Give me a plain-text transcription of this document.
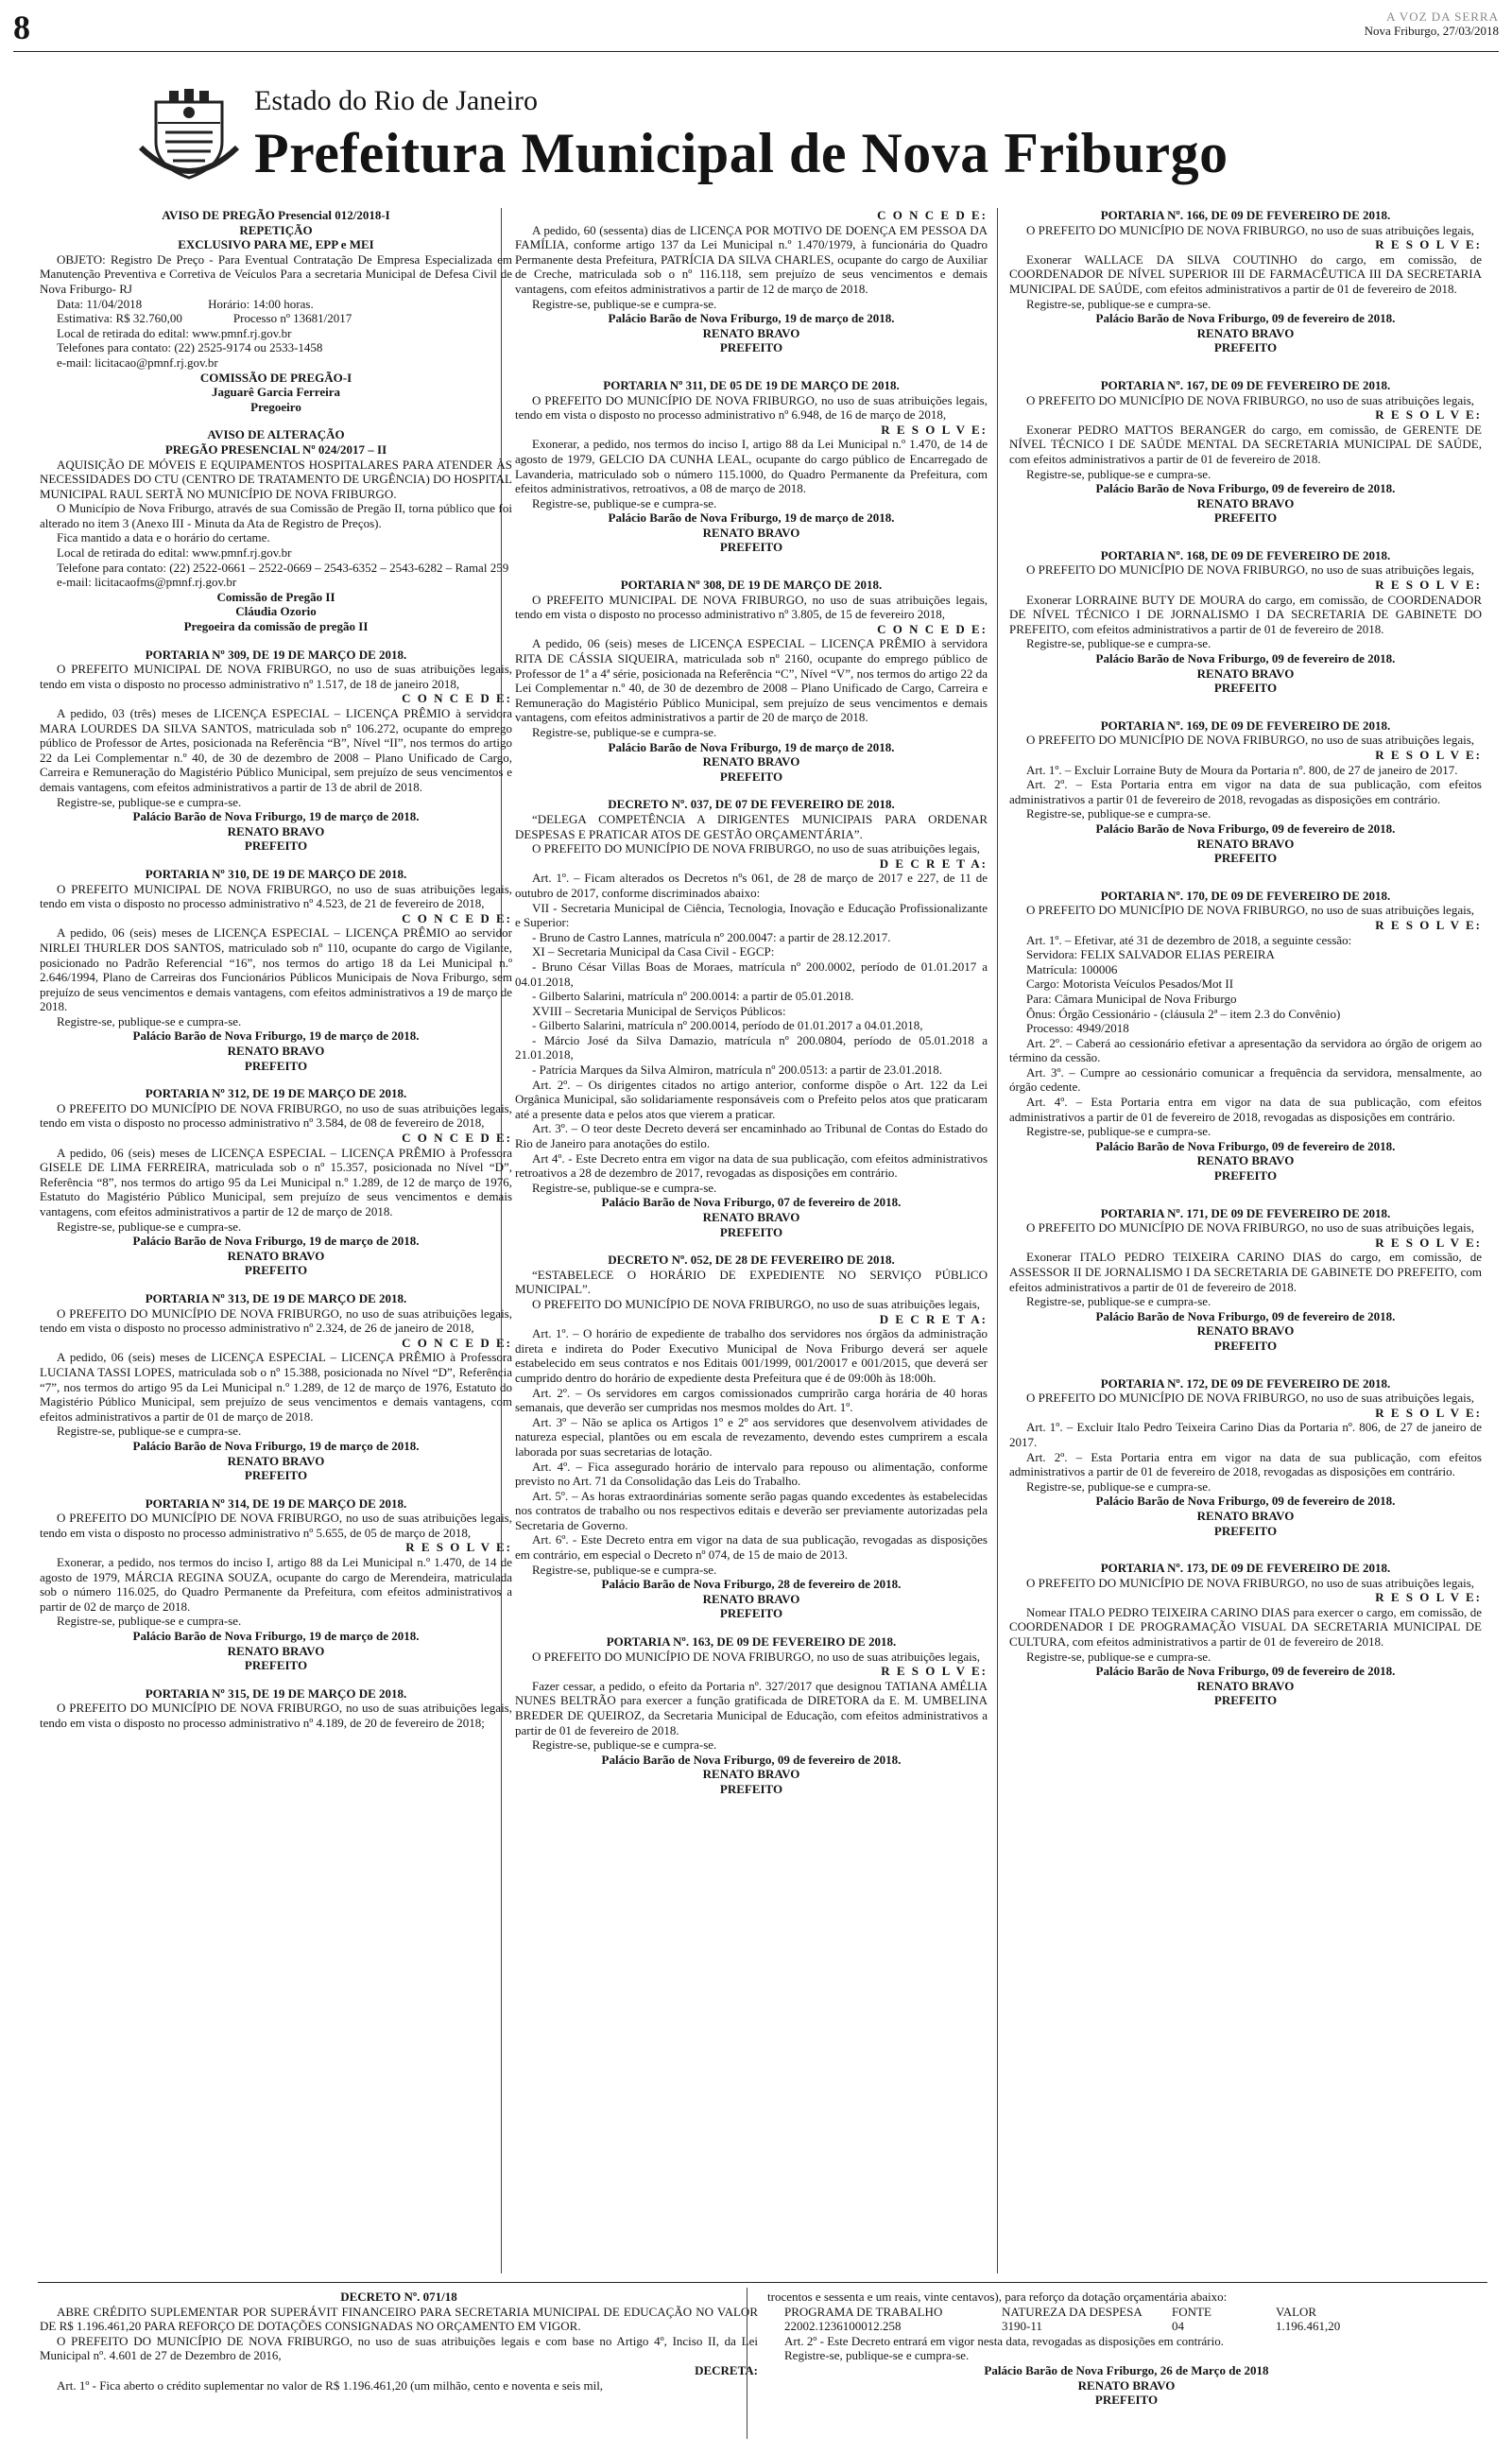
8	A VOZ DA SERRA
Nova Friburgo, 27/03/2018
Estado do Rio de Janeiro
Prefeitura Municipal de Nova Friburgo

AVISO DE PREGÃO Presencial 012/2018-I

REPETIÇÃO

EXCLUSIVO PARA ME, EPP e MEI

OBJETO: Registro De Preço - Para Eventual Contratação De Empresa Especializada em Manutenção Preventiva e Corretiva de Veículos Para a secretaria Municipal de Defesa Civil de Nova Friburgo- RJ

Data: 11/04/2018	Horário: 14:00 horas.

Estimativa: R$ 32.760,00	Processo nº 13681/2017

Local de retirada do edital: www.pmnf.rj.gov.br

Telefones para contato: (22) 2525-9174 ou 2533-1458

e-mail: licitacao@pmnf.rj.gov.br

COMISSÃO DE PREGÃO-I

Jaguarê Garcia Ferreira

Pregoeiro

AVISO DE ALTERAÇÃO

PREGÃO PRESENCIAL Nº 024/2017 – II

AQUISIÇÃO DE MÓVEIS E EQUIPAMENTOS HOSPITALARES PARA ATENDER ÀS NECESSIDADES DO CTU (CENTRO DE TRATAMENTO DE URGÊNCIA) DO HOSPITAL MUNICIPAL RAUL SERTÃ NO MUNICÍPIO DE NOVA FRIBURGO.

O Município de Nova Friburgo, através de sua Comissão de Pregão II, torna público que foi alterado no item 3 (Anexo III - Minuta da Ata de Registro de Preços).

Fica mantido a data e o horário do certame.

Local de retirada do edital: www.pmnf.rj.gov.br

Telefone para contato: (22) 2522-0661 – 2522-0669 – 2543-6352 – 2543-6282 – Ramal 259

e-mail: licitacaofms@pmnf.rj.gov.br

Comissão de Pregão II

Cláudia Ozorio

Pregoeira da comissão de pregão II

PORTARIA Nº 309, DE 19 DE MARÇO DE 2018.

O PREFEITO MUNICIPAL DE NOVA FRIBURGO, no uso de suas atribuições legais, tendo em vista o disposto no processo administrativo nº 1.517, de 18 de janeiro 2018,

C O N C E D E:

A pedido, 03 (três) meses de LICENÇA ESPECIAL – LICENÇA PRÊMIO à servidora MARA LOURDES DA SILVA SANTOS, matriculada sob nº 106.272, ocupante do emprego público de Professor de Artes, posicionada na Referência “B”, Nível “II”, nos termos do artigo 22 da Lei Complementar n.º 40, de 30 de dezembro de 2008 – Plano Unificado de Cargo, Carreira e Remuneração do Magistério Público Municipal, sem prejuízo de seus vencimentos e demais vantagens, com efeitos administrativos a partir de 13 de abril de 2018.

Registre-se, publique-se e cumpra-se.

Palácio Barão de Nova Friburgo, 19 de março de 2018.

RENATO BRAVO

PREFEITO

PORTARIA Nº 310, DE 19 DE MARÇO DE 2018.

O PREFEITO MUNICIPAL DE NOVA FRIBURGO, no uso de suas atribuições legais, tendo em vista o disposto no processo administrativo nº 4.523, de 21 de fevereiro de 2018,

C O N C E D E:

A pedido, 06 (seis) meses de LICENÇA ESPECIAL – LICENÇA PRÊMIO ao servidor NIRLEI THURLER DOS SANTOS, matriculado sob nº 110, ocupante do cargo de Vigilante, posicionado no Padrão Referencial “16”, nos termos do artigo 18 da Lei Municipal n.º 2.646/1994, Plano de Carreiras dos Funcionários Públicos Municipais de Nova Friburgo, sem prejuízo de seus vencimentos e demais vantagens, com efeitos administrativos a 19 de março de 2018.

Registre-se, publique-se e cumpra-se.

Palácio Barão de Nova Friburgo, 19 de março de 2018.

RENATO BRAVO

PREFEITO

PORTARIA Nº 312, DE 19 DE MARÇO DE 2018.

O PREFEITO DO MUNICÍPIO DE NOVA FRIBURGO, no uso de suas atribuições legais, tendo em vista o disposto no processo administrativo nº 3.584, de 08 de fevereiro de 2018,

C O N C E D E:

A pedido, 06 (seis) meses de LICENÇA ESPECIAL – LICENÇA PRÊMIO à Professora GISELE DE LIMA FERREIRA, matriculada sob o nº 15.357, posicionada no Nível “D”, Referência “8”, nos termos do artigo 95 da Lei Municipal n.º 1.289, de 12 de março de 1976, Estatuto do Magistério Público Municipal, sem prejuízo de seus vencimentos e demais vantagens, com efeitos administrativos a partir de 12 de março de 2018.

Registre-se, publique-se e cumpra-se.

Palácio Barão de Nova Friburgo, 19 de março de 2018.

RENATO BRAVO

PREFEITO

PORTARIA Nº 313, DE 19 DE MARÇO DE 2018.

O PREFEITO DO MUNICÍPIO DE NOVA FRIBURGO, no uso de suas atribuições legais, tendo em vista o disposto no processo administrativo nº 2.324, de 26 de janeiro de 2018,

C O N C E D E:

A pedido, 06 (seis) meses de LICENÇA ESPECIAL – LICENÇA PRÊMIO à Professora LUCIANA TASSI LOPES, matriculada sob o nº 15.388, posicionada no Nível “D”, Referência “7”, nos termos do artigo 95 da Lei Municipal n.º 1.289, de 12 de março de 1976, Estatuto do Magistério Público Municipal, sem prejuízo de seus vencimentos e demais vantagens, com efeitos administrativos a partir de 01 de março de 2018.

Registre-se, publique-se e cumpra-se.

Palácio Barão de Nova Friburgo, 19 de março de 2018.

RENATO BRAVO

PREFEITO

PORTARIA Nº 314, DE 19 DE MARÇO DE 2018.

O PREFEITO DO MUNICÍPIO DE NOVA FRIBURGO, no uso de suas atribuições legais, tendo em vista o disposto no processo administrativo nº 5.655, de 05 de março de 2018,

R E S O L V E:

Exonerar, a pedido, nos termos do inciso I, artigo 88 da Lei Municipal n.º 1.470, de 14 de agosto de 1979, MÁRCIA REGINA SOUZA, ocupante do cargo de Merendeira, matriculada sob o número 116.025, do Quadro Permanente da Prefeitura, com efeitos administrativos a partir de 02 de março de 2018.

Registre-se, publique-se e cumpra-se.

Palácio Barão de Nova Friburgo, 19 de março de 2018.

RENATO BRAVO

PREFEITO

PORTARIA Nº 315, DE 19 DE MARÇO DE 2018.

O PREFEITO DO MUNICÍPIO DE NOVA FRIBURGO, no uso de suas atribuições legais, tendo em vista o disposto no processo administrativo nº 4.189, de 20 de fevereiro de 2018;

C O N C E D E:

A pedido, 60 (sessenta) dias de LICENÇA POR MOTIVO DE DOENÇA EM PESSOA DA FAMÍLIA, conforme artigo 137 da Lei Municipal n.º 1.470/1979, à funcionária do Quadro Permanente desta Prefeitura, PATRÍCIA DA SILVA CHARLES, ocupante do cargo de Auxiliar de Creche, matriculada sob o nº 116.118, sem prejuízo de seus vencimentos e demais vantagens, com efeitos administrativos a partir de 12 de março de 2018.

Registre-se, publique-se e cumpra-se.

Palácio Barão de Nova Friburgo, 19 de março de 2018.

RENATO BRAVO

PREFEITO

PORTARIA Nº 311, DE 05 DE 19 DE MARÇO DE 2018.

O PREFEITO DO MUNICÍPIO DE NOVA FRIBURGO, no uso de suas atribuições legais, tendo em vista o disposto no processo administrativo nº 6.948, de 16 de março de 2018,

R E S O L V E:

Exonerar, a pedido, nos termos do inciso I, artigo 88 da Lei Municipal n.º 1.470, de 14 de agosto de 1979, GELCIO DA CUNHA LEAL, ocupante do cargo público de Encarregado de Lavanderia, matriculado sob o número 115.1000, do Quadro Permanente da Prefeitura, com efeitos administrativos, retroativos, a 08 de março de 2018.

Registre-se, publique-se e cumpra-se.

Palácio Barão de Nova Friburgo, 19 de março de 2018.

RENATO BRAVO

PREFEITO

PORTARIA Nº 308, DE 19 DE MARÇO DE 2018.

O PREFEITO MUNICIPAL DE NOVA FRIBURGO, no uso de suas atribuições legais, tendo em vista o disposto no processo administrativo nº 3.805, de 15 de fevereiro 2018,

C O N C E D E:

A pedido, 06 (seis) meses de LICENÇA ESPECIAL – LICENÇA PRÊMIO à servidora RITA DE CÁSSIA SIQUEIRA, matriculada sob nº 2160, ocupante do emprego público de Professor de 1ª a 4ª série, posicionada na Referência “C”, Nível “V”, nos termos do artigo 22 da Lei Complementar n.º 40, de 30 de dezembro de 2008 – Plano Unificado de Cargo, Carreira e Remuneração do Magistério Público Municipal, sem prejuízo de seus vencimentos e demais vantagens, com efeitos administrativos a partir de 20 de março de 2018.

Registre-se, publique-se e cumpra-se.

Palácio Barão de Nova Friburgo, 19 de março de 2018.

RENATO BRAVO

PREFEITO

DECRETO Nº. 037, DE 07 DE FEVEREIRO DE 2018.

“DELEGA COMPETÊNCIA A DIRIGENTES MUNICIPAIS PARA ORDENAR DESPESAS E PRATICAR ATOS DE GESTÃO ORÇAMENTÁRIA”.

O PREFEITO DO MUNICÍPIO DE NOVA FRIBURGO, no uso de suas atribuições legais,

D E C R E T A:

Art. 1º. – Ficam alterados os Decretos nºs 061, de 28 de março de 2017 e 227, de 11 de outubro de 2017, conforme discriminados abaixo:

VII - Secretaria Municipal de Ciência, Tecnologia, Inovação e Educação Profissionalizante e Superior:

- Bruno de Castro Lannes, matrícula nº 200.0047: a partir de 28.12.2017.

XI – Secretaria Municipal da Casa Civil - EGCP:

- Bruno César Villas Boas de Moraes, matrícula nº 200.0002, período de 01.01.2017 a 04.01.2018,

- Gilberto Salarini, matrícula nº 200.0014: a partir de 05.01.2018.

XVIII – Secretaria Municipal de Serviços Públicos:

- Gilberto Salarini, matrícula nº 200.0014, período de 01.01.2017 a 04.01.2018,

- Márcio José da Silva Damazio, matrícula nº 200.0804, período de 05.01.2018 a 21.01.2018,

- Patrícia Marques da Silva Almiron, matrícula nº 200.0513: a partir de 23.01.2018.

Art. 2º. – Os dirigentes citados no artigo anterior, conforme dispõe o Art. 122 da Lei Orgânica Municipal, são solidariamente responsáveis com o Prefeito pelos atos que praticaram até a presente data e pelos atos que vierem a praticar.

Art. 3º. – O teor deste Decreto deverá ser encaminhado ao Tribunal de Contas do Estado do Rio de Janeiro para anotações do estilo.

Art 4º. - Este Decreto entra em vigor na data de sua publicação, com efeitos administrativos retroativos a 28 de dezembro de 2017, revogadas as disposições em contrário.

Registre-se, publique-se e cumpra-se.

Palácio Barão de Nova Friburgo, 07 de fevereiro de 2018.

RENATO BRAVO

PREFEITO

DECRETO Nº. 052, DE 28 DE FEVEREIRO DE 2018.

“ESTABELECE O HORÁRIO DE EXPEDIENTE NO SERVIÇO PÚBLICO MUNICIPAL”.

O PREFEITO DO MUNICÍPIO DE NOVA FRIBURGO, no uso de suas atribuições legais,

D E C R E T A:

Art. 1º. – O horário de expediente de trabalho dos servidores nos órgãos da administração direta e indireta do Poder Executivo Municipal de Nova Friburgo deverá ser aquele estabelecido em seus contratos e nos Editais 001/1999, 001/20017 e 001/2015, que deverá ser cumprido dentro do horário de expediente desta Prefeitura que é de 09:00h às 18:00h.

Art. 2º. – Os servidores em cargos comissionados cumprirão carga horária de 40 horas semanais, que deverão ser cumpridas nos mesmos moldes do Art. 1º.

Art. 3º – Não se aplica os Artigos 1º e 2º aos servidores que desenvolvem atividades de natureza especial, plantões ou em escala de revezamento, devendo estes cumprirem a escala laborada por suas secretarias de lotação.

Art. 4º. – Fica assegurado horário de intervalo para repouso ou alimentação, conforme previsto no Art. 71 da Consolidação das Leis do Trabalho.

Art. 5º. – As horas extraordinárias somente serão pagas quando excedentes às estabelecidas nos contratos de trabalho ou nos respectivos editais e deverão ser previamente autorizadas pela Secretaria de Governo.

Art. 6º. - Este Decreto entra em vigor na data de sua publicação, revogadas as disposições em contrário, em especial o Decreto nº 074, de 15 de maio de 2013.

Registre-se, publique-se e cumpra-se.

Palácio Barão de Nova Friburgo, 28 de fevereiro de 2018.

RENATO BRAVO

PREFEITO

PORTARIA Nº. 163, DE 09 DE FEVEREIRO DE 2018.

O PREFEITO DO MUNICÍPIO DE NOVA FRIBURGO, no uso de suas atribuições legais,

R E S O L V E:

Fazer cessar, a pedido, o efeito da Portaria nº. 327/2017 que designou TATIANA AMÉLIA NUNES BELTRÃO para exercer a função gratificada de DIRETORA da E. M. UMBELINA BREDER DE QUEIROZ, da Secretaria Municipal de Educação, com efeitos administrativos a partir de 01 de fevereiro de 2018.

Registre-se, publique-se e cumpra-se.

Palácio Barão de Nova Friburgo, 09 de fevereiro de 2018.

RENATO BRAVO

PREFEITO

PORTARIA Nº. 166, DE 09 DE FEVEREIRO DE 2018.

O PREFEITO DO MUNICÍPIO DE NOVA FRIBURGO, no uso de suas atribuições legais,

R E S O L V E:

Exonerar WALLACE DA SILVA COUTINHO do cargo, em comissão, de COORDENADOR DE NÍVEL SUPERIOR III DE FARMACÊUTICA III DA SECRETARIA MUNICIPAL DE SAÚDE, com efeitos administrativos a partir de 01 de fevereiro de 2018.

Registre-se, publique-se e cumpra-se.

Palácio Barão de Nova Friburgo, 09 de fevereiro de 2018.

RENATO BRAVO

PREFEITO

PORTARIA Nº. 167, DE 09 DE FEVEREIRO DE 2018.

O PREFEITO DO MUNICÍPIO DE NOVA FRIBURGO, no uso de suas atribuições legais,

R E S O L V E:

Exonerar PEDRO MATTOS BERANGER do cargo, em comissão, de GERENTE DE NÍVEL TÉCNICO I DE SAÚDE MENTAL DA SECRETARIA MUNICIPAL DE SAÚDE, com efeitos administrativos a partir de 01 de fevereiro de 2018.

Registre-se, publique-se e cumpra-se.

Palácio Barão de Nova Friburgo, 09 de fevereiro de 2018.

RENATO BRAVO

PREFEITO

PORTARIA Nº. 168, DE 09 DE FEVEREIRO DE 2018.

O PREFEITO DO MUNICÍPIO DE NOVA FRIBURGO, no uso de suas atribuições legais,

R E S O L V E:

Exonerar LORRAINE BUTY DE MOURA do cargo, em comissão, de COORDENADOR DE NÍVEL TÉCNICO I DE JORNALISMO I DA SECRETARIA DE GABINETE DO PREFEITO, com efeitos administrativos a partir de 01 de fevereiro de 2018.

Registre-se, publique-se e cumpra-se.

Palácio Barão de Nova Friburgo, 09 de fevereiro de 2018.

RENATO BRAVO

PREFEITO

PORTARIA Nº. 169, DE 09 DE FEVEREIRO DE 2018.

O PREFEITO DO MUNICÍPIO DE NOVA FRIBURGO, no uso de suas atribuições legais,

R E S O L V E:

Art. 1º. – Excluir Lorraine Buty de Moura da Portaria nº. 800, de 27 de janeiro de 2017.

Art. 2º. – Esta Portaria entra em vigor na data de sua publicação, com efeitos administrativos a partir 01 de fevereiro de 2018, revogadas as disposições em contrário.

Registre-se, publique-se e cumpra-se.

Palácio Barão de Nova Friburgo, 09 de fevereiro de 2018.

RENATO BRAVO

PREFEITO

PORTARIA Nº. 170, DE 09 DE FEVEREIRO DE 2018.

O PREFEITO DO MUNICÍPIO DE NOVA FRIBURGO, no uso de suas atribuições legais,

R E S O L V E:

Art. 1º. – Efetivar, até 31 de dezembro de 2018, a seguinte cessão:

Servidora: FELIX SALVADOR ELIAS PEREIRA

Matrícula: 100006

Cargo: Motorista Veículos Pesados/Mot II

Para: Câmara Municipal de Nova Friburgo

Ônus: Órgão Cessionário - (cláusula 2ª – item 2.3 do Convênio)

Processo: 4949/2018

Art. 2º. – Caberá ao cessionário efetivar a apresentação da servidora ao órgão de origem ao término da cessão.

Art. 3º. – Cumpre ao cessionário comunicar a frequência da servidora, mensalmente, ao órgão cedente.

Art. 4º. – Esta Portaria entra em vigor na data de sua publicação, com efeitos administrativos a partir de 01 de fevereiro de 2018, revogadas as disposições em contrário.

Registre-se, publique-se e cumpra-se.

Palácio Barão de Nova Friburgo, 09 de fevereiro de 2018.

RENATO BRAVO

PREFEITO

PORTARIA Nº. 171, DE 09 DE FEVEREIRO DE 2018.

O PREFEITO DO MUNICÍPIO DE NOVA FRIBURGO, no uso de suas atribuições legais,

R E S O L V E:

Exonerar ITALO PEDRO TEIXEIRA CARINO DIAS do cargo, em comissão, de ASSESSOR II DE JORNALISMO I DA SECRETARIA DE GABINETE DO PREFEITO, com efeitos administrativos a partir de 01 de fevereiro de 2018.

Registre-se, publique-se e cumpra-se.

Palácio Barão de Nova Friburgo, 09 de fevereiro de 2018.

RENATO BRAVO

PREFEITO

PORTARIA Nº. 172, DE 09 DE FEVEREIRO DE 2018.

O PREFEITO DO MUNICÍPIO DE NOVA FRIBURGO, no uso de suas atribuições legais,

R E S O L V E:

Art. 1º. – Excluir Italo Pedro Teixeira Carino Dias da Portaria nº. 806, de 27 de janeiro de 2017.

Art. 2º. – Esta Portaria entra em vigor na data de sua publicação, com efeitos administrativos a partir de 01 de fevereiro de 2018, revogadas as disposições em contrário.

Registre-se, publique-se e cumpra-se.

Palácio Barão de Nova Friburgo, 09 de fevereiro de 2018.

RENATO BRAVO

PREFEITO

PORTARIA Nº. 173, DE 09 DE FEVEREIRO DE 2018.

O PREFEITO DO MUNICÍPIO DE NOVA FRIBURGO, no uso de suas atribuições legais,

R E S O L V E:

Nomear ITALO PEDRO TEIXEIRA CARINO DIAS para exercer o cargo, em comissão, de COORDENADOR I DE PROGRAMAÇÃO VISUAL DA SECRETARIA MUNICIPAL DE CULTURA, com efeitos administrativos a partir de 01 de fevereiro de 2018.

Registre-se, publique-se e cumpra-se.

Palácio Barão de Nova Friburgo, 09 de fevereiro de 2018.

RENATO BRAVO

PREFEITO

DECRETO Nº. 071/18

ABRE CRÉDITO SUPLEMENTAR POR SUPERÁVIT FINANCEIRO PARA SECRETARIA MUNICIPAL DE EDUCAÇÃO NO VALOR DE R$ 1.196.461,20 PARA REFORÇO DE DOTAÇÕES CONSIGNADAS NO ORÇAMENTO EM VIGOR.

O PREFEITO DO MUNICÍPIO DE NOVA FRIBURGO, no uso de suas atribuições legais e com base no Artigo 4º, Inciso II, da Lei Municipal nº. 4.601 de 27 de Dezembro de 2016,

DECRETA:

Art. 1º - Fica aberto o crédito suplementar no valor de R$ 1.196.461,20 (um milhão, cento e noventa e seis mil,

trocentos e sessenta e um reais, vinte centavos), para reforço da dotação orçamentária abaixo:

PROGRAMA DE TRABALHO	NATUREZA DA DESPESA	FONTE	VALOR
22002.1236100012.258	3190-11	04	1.196.461,20

Art. 2º - Este Decreto entrará em vigor nesta data, revogadas as disposições em contrário.

Registre-se, publique-se e cumpra-se.

Palácio Barão de Nova Friburgo, 26 de Março de 2018

RENATO BRAVO

PREFEITO
